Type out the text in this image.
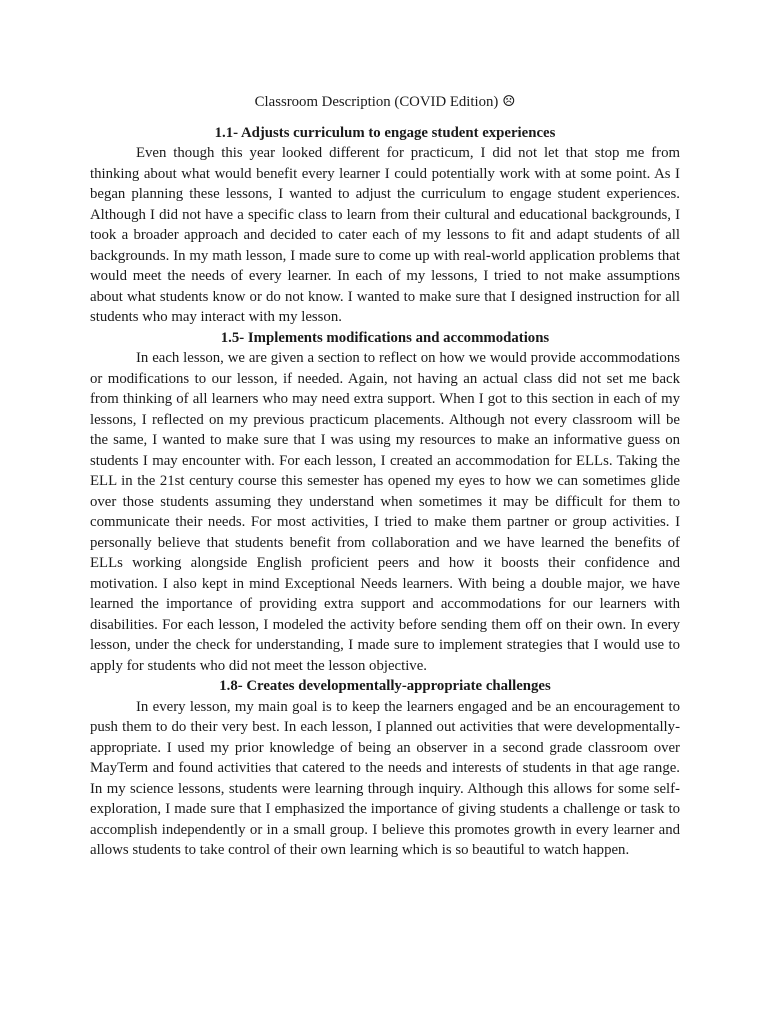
Classroom Description (COVID Edition) ☹
1.1- Adjusts curriculum to engage student experiences

Even though this year looked different for practicum, I did not let that stop me from thinking about what would benefit every learner I could potentially work with at some point. As I began planning these lessons, I wanted to adjust the curriculum to engage student experiences. Although I did not have a specific class to learn from their cultural and educational backgrounds, I took a broader approach and decided to cater each of my lessons to fit and adapt students of all backgrounds. In my math lesson, I made sure to come up with real-world application problems that would meet the needs of every learner. In each of my lessons, I tried to not make assumptions about what students know or do not know. I wanted to make sure that I designed instruction for all students who may interact with my lesson.

1.5- Implements modifications and accommodations

In each lesson, we are given a section to reflect on how we would provide accommodations or modifications to our lesson, if needed. Again, not having an actual class did not set me back from thinking of all learners who may need extra support. When I got to this section in each of my lessons, I reflected on my previous practicum placements. Although not every classroom will be the same, I wanted to make sure that I was using my resources to make an informative guess on students I may encounter with. For each lesson, I created an accommodation for ELLs. Taking the ELL in the 21st century course this semester has opened my eyes to how we can sometimes glide over those students assuming they understand when sometimes it may be difficult for them to communicate their needs. For most activities, I tried to make them partner or group activities. I personally believe that students benefit from collaboration and we have learned the benefits of ELLs working alongside English proficient peers and how it boosts their confidence and motivation. I also kept in mind Exceptional Needs learners. With being a double major, we have learned the importance of providing extra support and accommodations for our learners with disabilities. For each lesson, I modeled the activity before sending them off on their own. In every lesson, under the check for understanding, I made sure to implement strategies that I would use to apply for students who did not meet the lesson objective.

1.8- Creates developmentally-appropriate challenges

In every lesson, my main goal is to keep the learners engaged and be an encouragement to push them to do their very best. In each lesson, I planned out activities that were developmentally-appropriate. I used my prior knowledge of being an observer in a second grade classroom over MayTerm and found activities that catered to the needs and interests of students in that age range. In my science lessons, students were learning through inquiry. Although this allows for some self-exploration, I made sure that I emphasized the importance of giving students a challenge or task to accomplish independently or in a small group. I believe this promotes growth in every learner and allows students to take control of their own learning which is so beautiful to watch happen.
